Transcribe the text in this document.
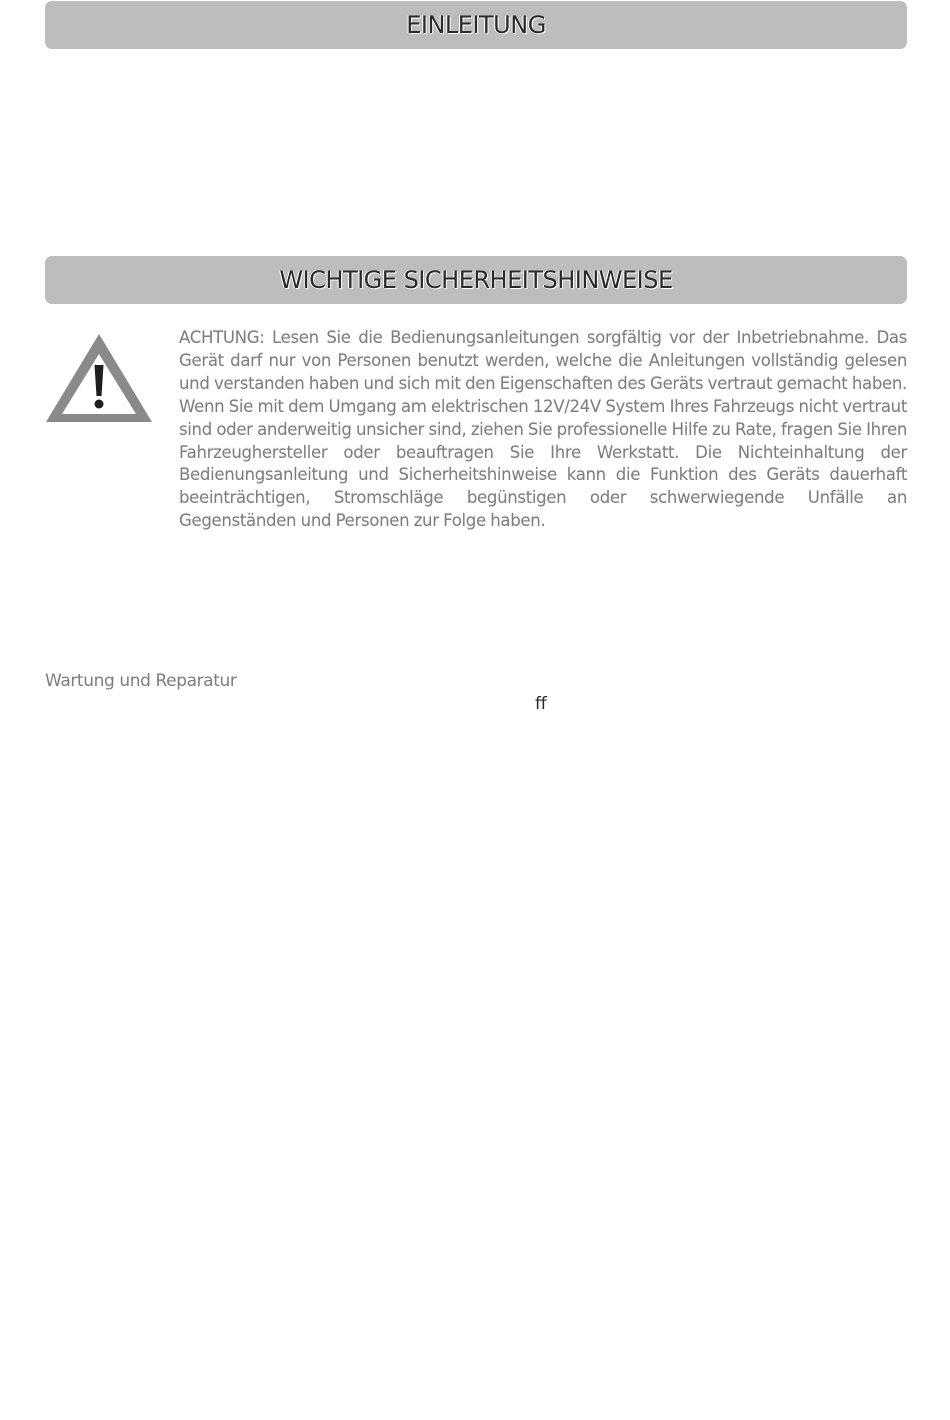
EINLEITUNG
WICHTIGE SICHERHEITSHINWEISE

ACHTUNG: Lesen Sie die Bedienungsanleitungen sorgfältig vor der Inbetriebnahme. Das Gerät darf nur von Personen benutzt werden, welche die Anleitungen vollständig gelesen und verstanden haben und sich mit den Eigenschaften des Geräts vertraut gemacht haben. Wenn Sie mit dem Umgang am elektrischen 12V/24V System Ihres Fahrzeugs nicht vertraut sind oder anderweitig unsicher sind, ziehen Sie professionelle Hilfe zu Rate, fragen Sie Ihren Fahrzeughersteller oder beauftragen Sie Ihre Werkstatt. Die Nichteinhaltung der Bedienungsanleitung und Sicherheitshinweise kann die Funktion des Geräts dauerhaft beeinträchtigen, Stromschläge begünstigen oder schwerwiegende Unfälle an Gegenständen und Personen zur Folge haben.

Wartung und Reparatur

ff
